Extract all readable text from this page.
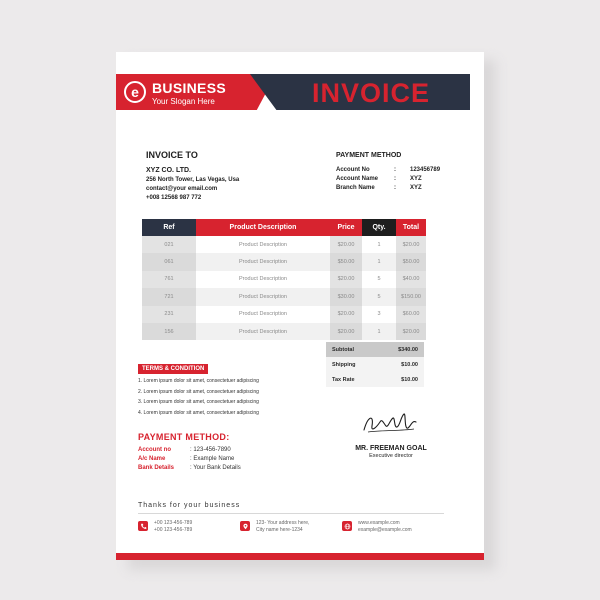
e BUSINESS
Your Slogan Here	INVOICE
INVOICE TO
XYZ CO. LTD.
256 North Tower, Las Vegas, Usa
contact@your email.com
+008 12568 987 772
PAYMENT METHOD
Account No	:	123456789
Account Name	:	XYZ
Branch Name	:	XYZ
Ref	Product Description	Price	Qty.	Total
021	Product Description	$20.00	1	$20.00
061	Product Description	$50.00	1	$50.00
761	Product Description	$20.00	5	$40.00
721	Product Description	$30.00	5	$150.00
231	Product Description	$20.00	3	$60.00
156	Product Description	$20.00	1	$20.00
Subtotal	$340.00
Shipping	$10.00
Tax Rate	$10.00
TERMS & CONDITION
1. Lorem ipsum dolor sit amet, consectetuer adipiscing
2. Lorem ipsum dolor sit amet, consectetuer adipiscing
3. Lorem ipsum dolor sit amet, consectetuer adipiscing
4. Lorem ipsum dolor sit amet, consectetuer adipiscing
PAYMENT METHOD:
Account no	: 123-456-7890
A/c Name	: Example Name
Bank Details	: Your Bank Details
MR. FREEMAN GOAL
Executive director
Thanks for your business
+00 123-456-789
+00 123-456-789
123- Your address here,
City name here-1234
www.example.com
example@example.com
